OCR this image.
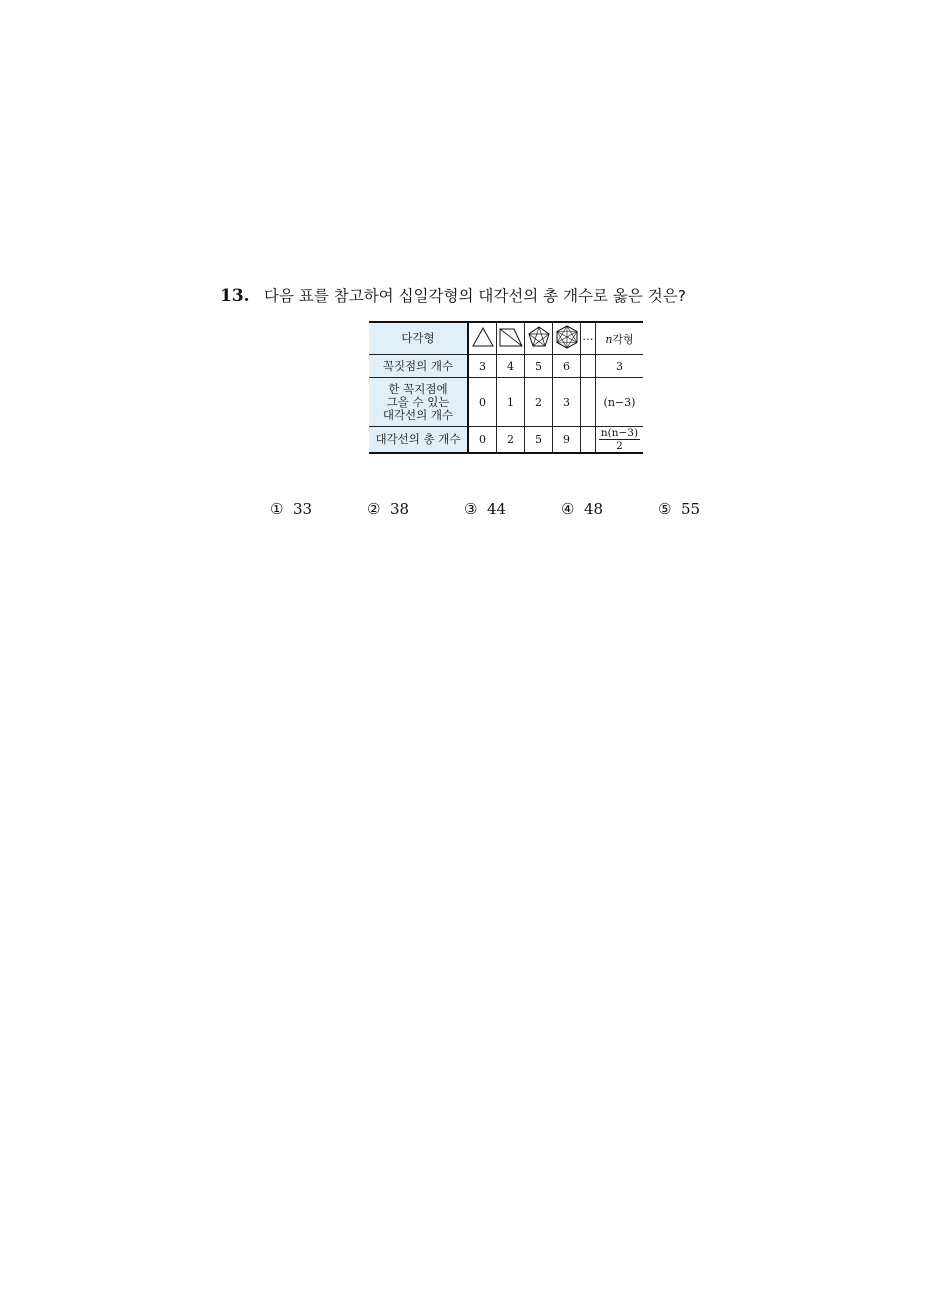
13. 다음 표를 참고하여 십일각형의 대각선의 총 개수로 옳은 것은?
다각형					⋯	n각형
꼭짓점의 개수	3	4	5	6		3

한 꼭지점에
그을 수 있는
대각선의 개수	0	1	2	3		(n−3)
대각선의 총 개수	0	2	5	9		$\frac{n(n-3)}{2}$
① 33	② 38	③ 44	④ 48	⑤ 55
